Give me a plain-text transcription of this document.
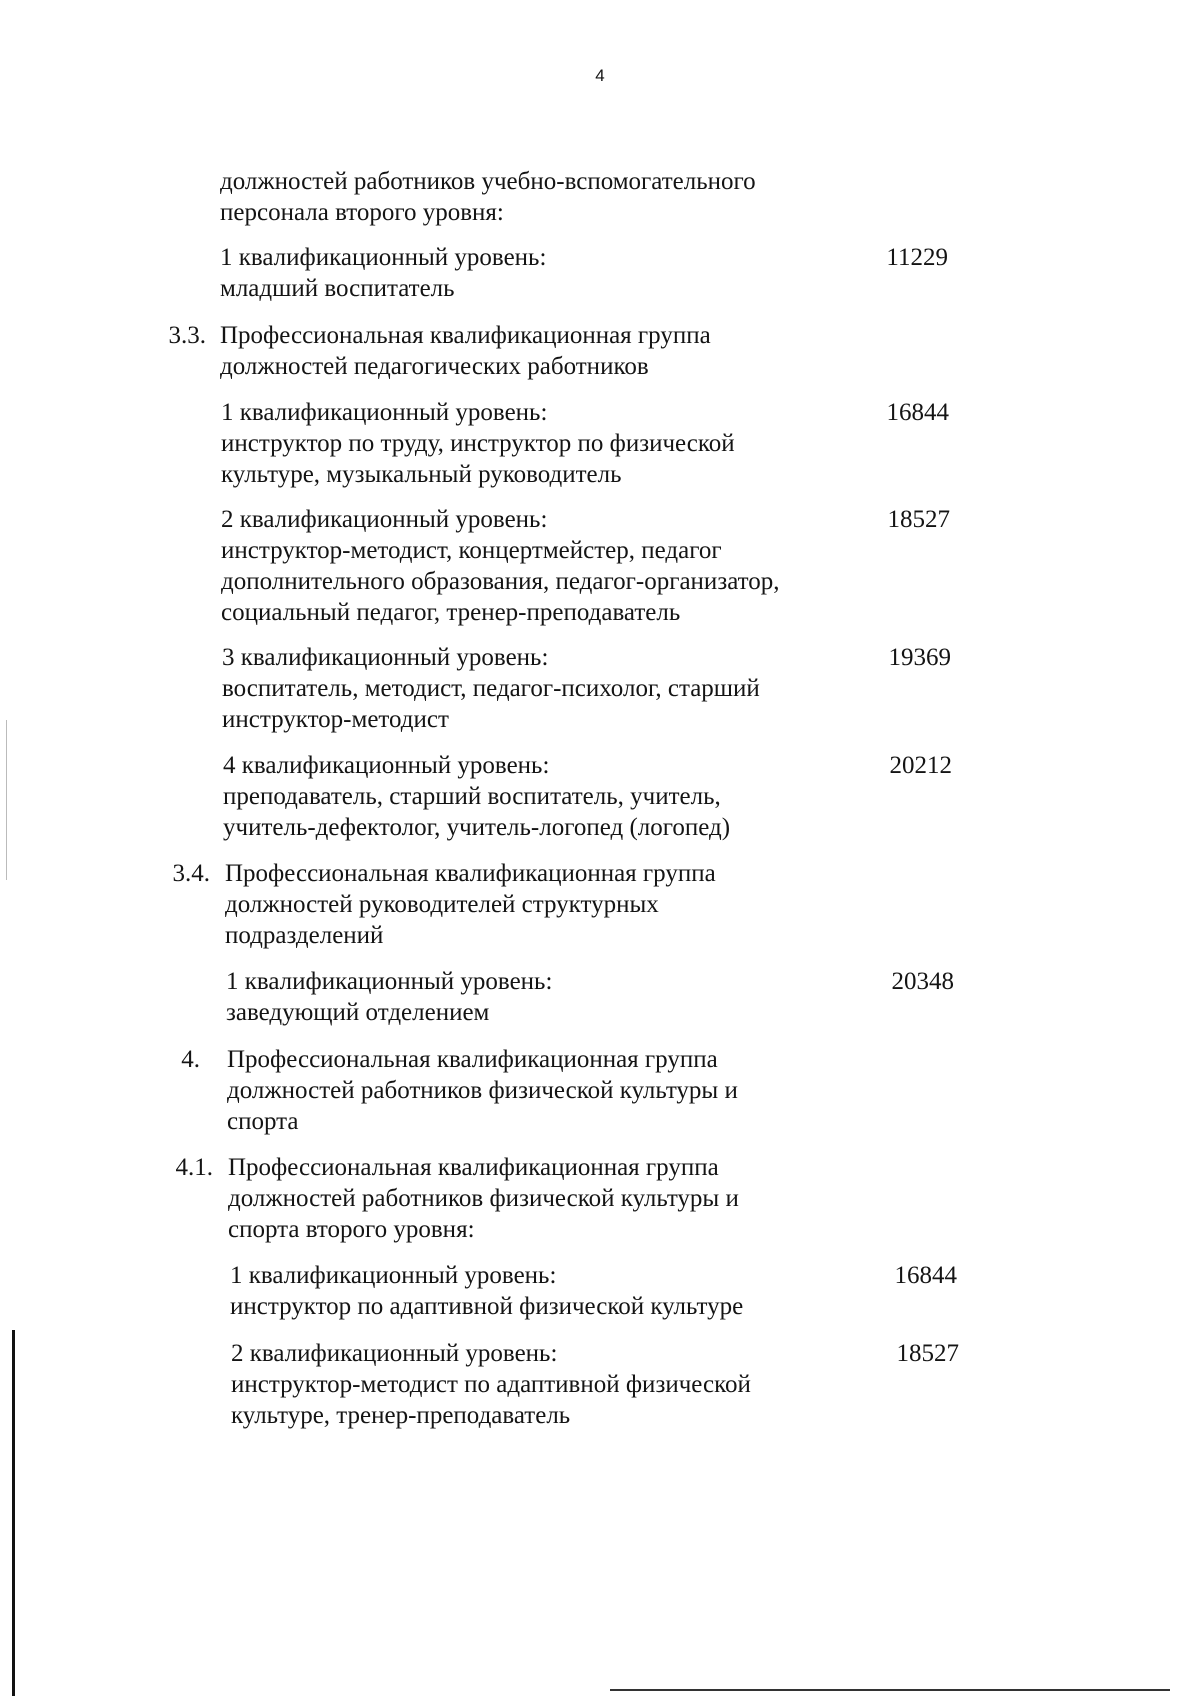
4
должностей работников учебно-вспомогательного
персонала второго уровня:
1 квалификационный уровень:
младший воспитатель
11229
3.3. Профессиональная квалификационная группа
должностей педагогических работников
1 квалификационный уровень:
инструктор по труду, инструктор по физической
культуре, музыкальный руководитель
16844
2 квалификационный уровень:
инструктор-методист, концертмейстер, педагог
дополнительного образования, педагог-организатор,
социальный педагог, тренер-преподаватель
18527
3 квалификационный уровень:
воспитатель, методист, педагог-психолог, старший
инструктор-методист
19369
4 квалификационный уровень:
преподаватель, старший воспитатель, учитель,
учитель-дефектолог, учитель-логопед (логопед)
20212
3.4. Профессиональная квалификационная группа
должностей руководителей структурных
подразделений
1 квалификационный уровень:
заведующий отделением
20348
4. Профессиональная квалификационная группа
должностей работников физической культуры и
спорта
4.1. Профессиональная квалификационная группа
должностей работников физической культуры и
спорта второго уровня:
1 квалификационный уровень:
инструктор по адаптивной физической культуре
16844
2 квалификационный уровень:
инструктор-методист по адаптивной физической
культуре, тренер-преподаватель
18527
